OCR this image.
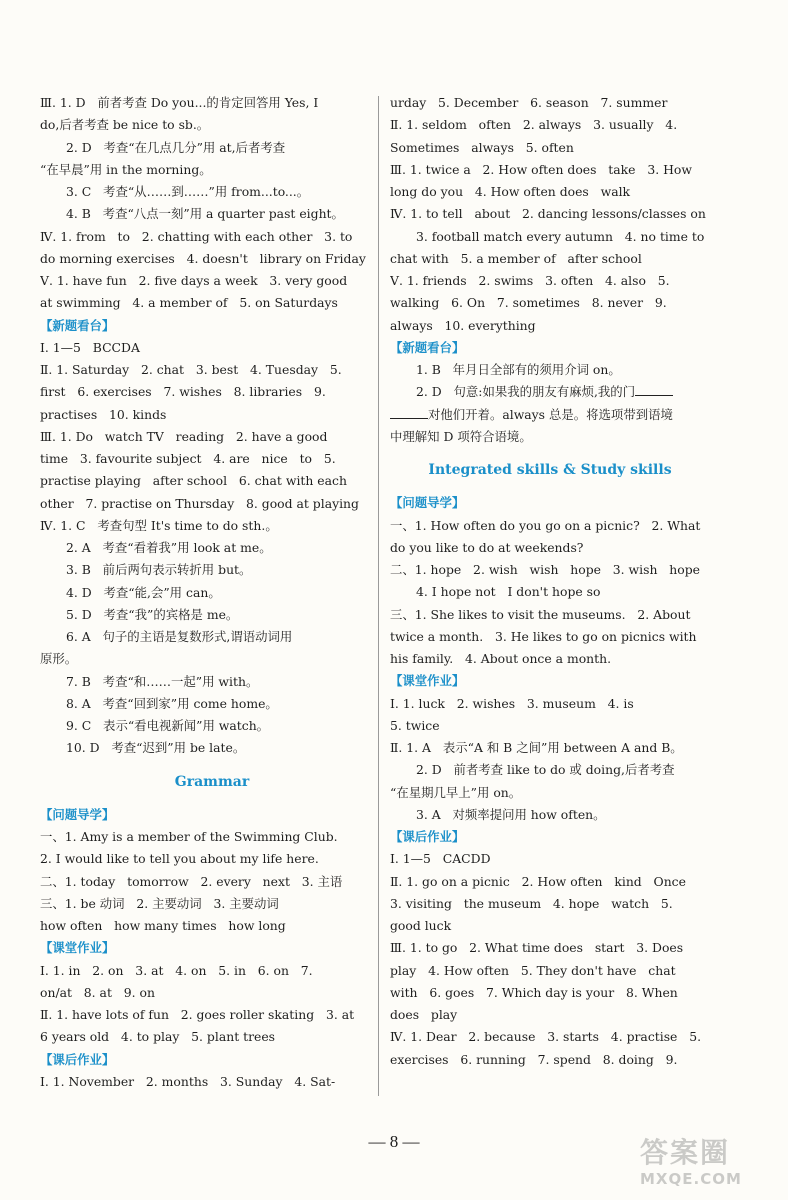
Ⅲ. 1. D   前者考查 Do you...的肯定回答用 Yes, I
do,后者考查 be nice to sb.。
2. D   考查“在几点几分”用 at,后者考查
“在早晨”用 in the morning。
3. C   考查“从……到……”用 from...to...。
4. B   考查“八点一刻”用 a quarter past eight。
Ⅳ. 1. from   to   2. chatting with each other   3. to
do morning exercises   4. doesn't   library on Friday
Ⅴ. 1. have fun   2. five days a week   3. very good
at swimming   4. a member of   5. on Saturdays
【新题看台】
Ⅰ. 1—5   BCCDA
Ⅱ. 1. Saturday   2. chat   3. best   4. Tuesday   5.
first   6. exercises   7. wishes   8. libraries   9.
practises   10. kinds
Ⅲ. 1. Do   watch TV   reading   2. have a good
time   3. favourite subject   4. are   nice   to   5.
practise playing   after school   6. chat with each
other   7. practise on Thursday   8. good at playing
Ⅳ. 1. C   考查句型 It's time to do sth.。
2. A   考查“看着我”用 look at me。
3. B   前后两句表示转折用 but。
4. D   考查“能,会”用 can。
5. D   考查“我”的宾格是 me。
6. A   句子的主语是复数形式,谓语动词用
原形。
7. B   考查“和……一起”用 with。
8. A   考查“回到家”用 come home。
9. C   表示“看电视新闻”用 watch。
10. D   考查“迟到”用 be late。
Grammar
【问题导学】
一、1. Amy is a member of the Swimming Club.
2. I would like to tell you about my life here.
二、1. today   tomorrow   2. every   next   3. 主语
三、1. be 动词   2. 主要动词   3. 主要动词
how often   how many times   how long
【课堂作业】
Ⅰ. 1. in   2. on   3. at   4. on   5. in   6. on   7.
on/at   8. at   9. on
Ⅱ. 1. have lots of fun   2. goes roller skating   3. at
6 years old   4. to play   5. plant trees
【课后作业】
Ⅰ. 1. November   2. months   3. Sunday   4. Sat-
urday   5. December   6. season   7. summer
Ⅱ. 1. seldom   often   2. always   3. usually   4.
Sometimes   always   5. often
Ⅲ. 1. twice a   2. How often does   take   3. How
long do you   4. How often does   walk
Ⅳ. 1. to tell   about   2. dancing lessons/classes on
3. football match every autumn   4. no time to
chat with   5. a member of   after school
Ⅴ. 1. friends   2. swims   3. often   4. also   5.
walking   6. On   7. sometimes   8. never   9.
always   10. everything
【新题看台】
1. B   年月日全部有的须用介词 on。
2. D   句意:如果我的朋友有麻烦,我的门
对他们开着。always 总是。将选项带到语境
中理解知 D 项符合语境。
Integrated skills & Study skills
【问题导学】
一、1. How often do you go on a picnic?   2. What
do you like to do at weekends?
二、1. hope   2. wish   wish   hope   3. wish   hope
4. I hope not   I don't hope so
三、1. She likes to visit the museums.   2. About
twice a month.   3. He likes to go on picnics with
his family.   4. About once a month.
【课堂作业】
Ⅰ. 1. luck   2. wishes   3. museum   4. is
5. twice
Ⅱ. 1. A   表示“A 和 B 之间”用 between A and B。
2. D   前者考查 like to do 或 doing,后者考查
“在星期几早上”用 on。
3. A   对频率提问用 how often。
【课后作业】
Ⅰ. 1—5   CACDD
Ⅱ. 1. go on a picnic   2. How often   kind   Once
3. visiting   the museum   4. hope   watch   5.
good luck
Ⅲ. 1. to go   2. What time does   start   3. Does
play   4. How often   5. They don't have   chat
with   6. goes   7. Which day is your   8. When
does   play
Ⅳ. 1. Dear   2. because   3. starts   4. practise   5.
exercises   6. running   7. spend   8. doing   9.
— 8 —	答案圈
MXQE.COM
